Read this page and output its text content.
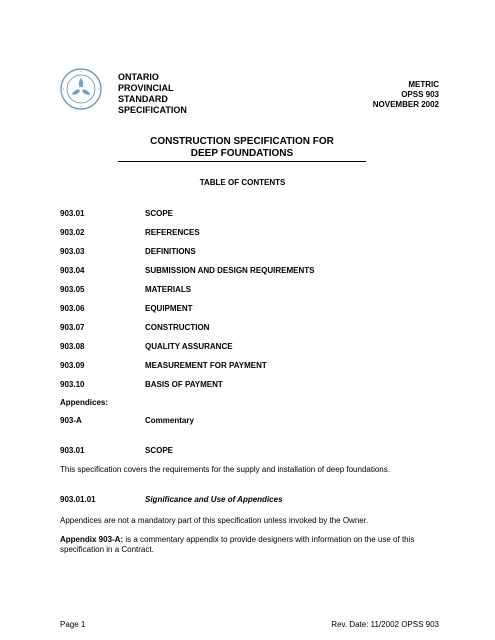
ONTARIO
PROVINCIAL
STANDARD
SPECIFICATION
METRIC
OPSS 903
NOVEMBER 2002
CONSTRUCTION SPECIFICATION FOR
DEEP FOUNDATIONS
TABLE OF CONTENTS
903.01	SCOPE
903.02	REFERENCES
903.03	DEFINITIONS
903.04	SUBMISSION AND DESIGN REQUIREMENTS
903.05	MATERIALS
903.06	EQUIPMENT
903.07	CONSTRUCTION
903.08	QUALITY ASSURANCE
903.09	MEASUREMENT FOR PAYMENT
903.10	BASIS OF PAYMENT
Appendices:
903-A	Commentary
903.01	SCOPE
This specification covers the requirements for the supply and installation of deep foundations.
903.01.01	Significance and Use of Appendices
Appendices are not a mandatory part of this specification unless invoked by the Owner.
Appendix 903-A: is a commentary appendix to provide designers with information on the use of this specification in a Contract.
Page 1	Rev. Date: 11/2002 OPSS 903
